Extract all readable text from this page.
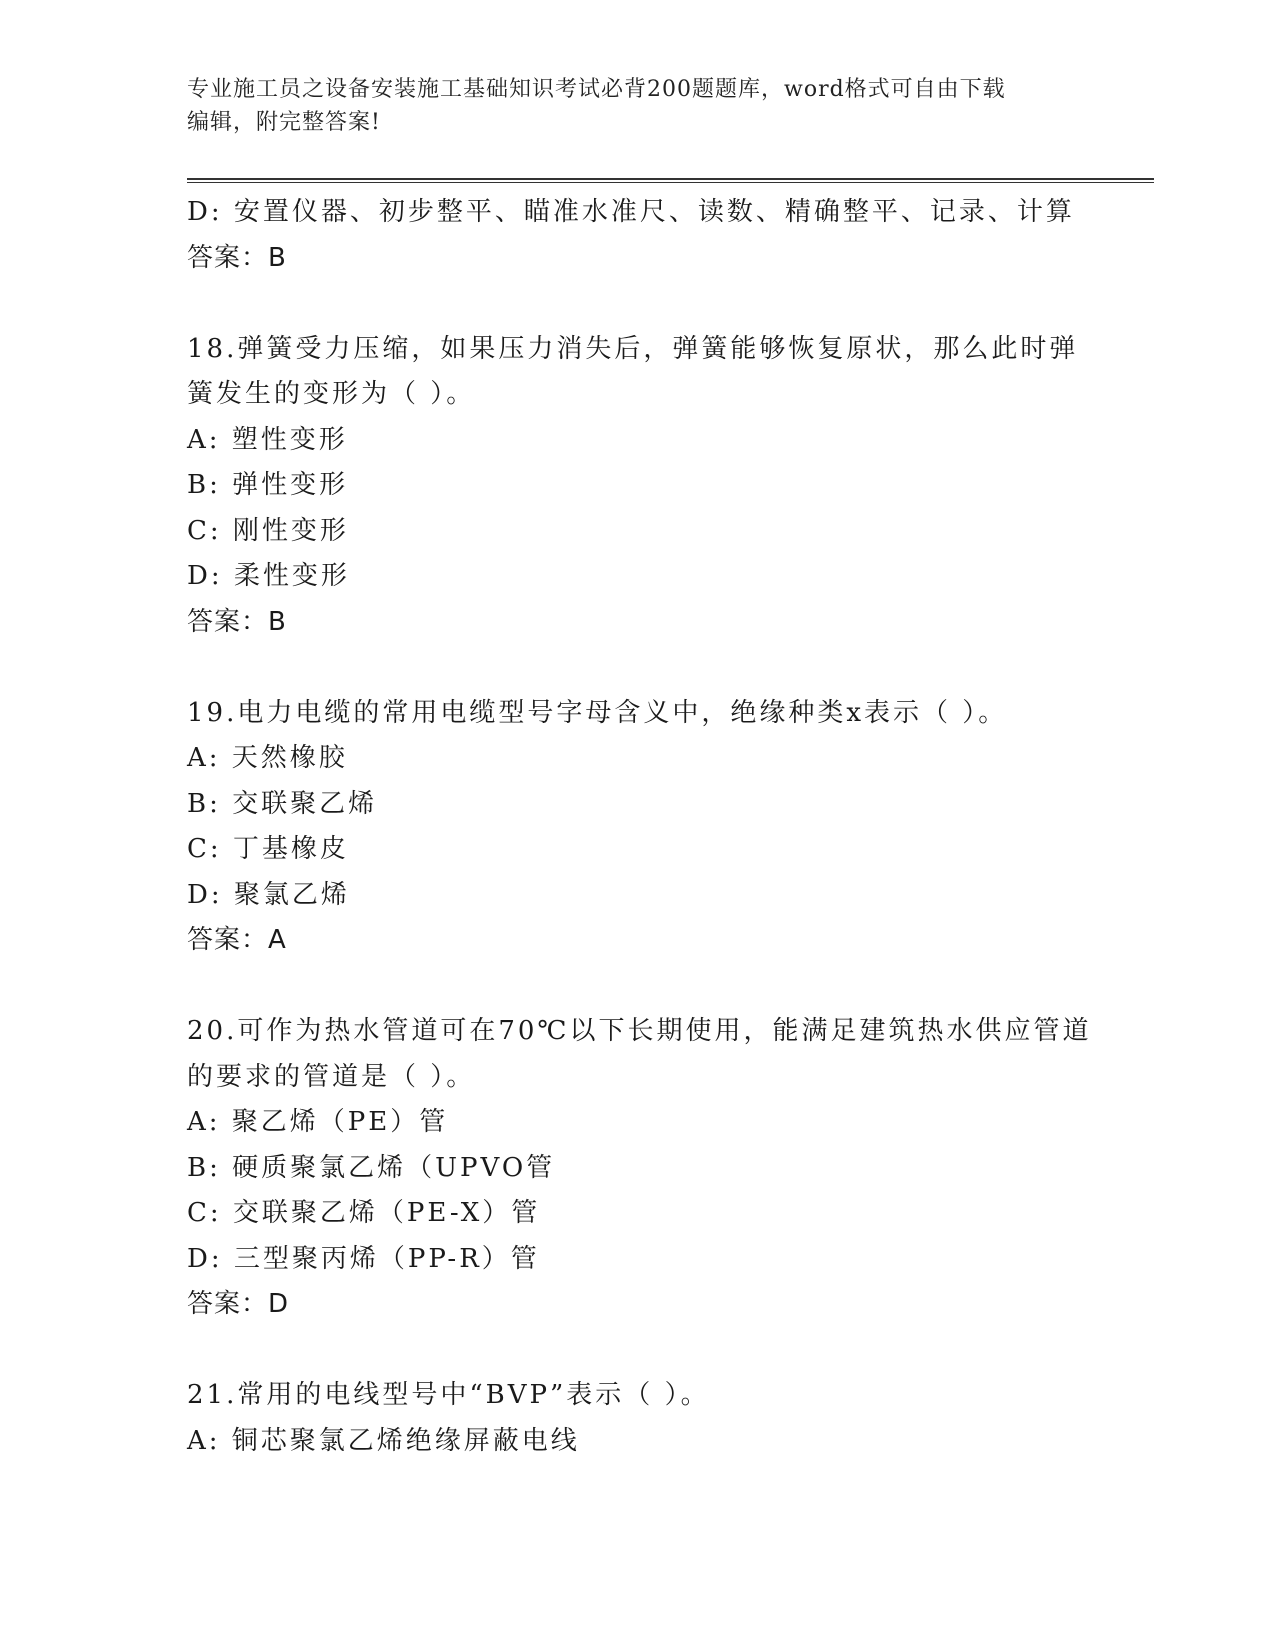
专业施工员之设备安装施工基础知识考试必背200题题库，word格式可自由下载
编辑，附完整答案!
D: 安置仪器、初步整平、瞄准水准尺、读数、精确整平、记录、计算
答案：B
18.弹簧受力压缩，如果压力消失后，弹簧能够恢复原状，那么此时弹
簧发生的变形为（ ）。
A: 塑性变形
B: 弹性变形
C: 刚性变形
D: 柔性变形
答案：B
19.电力电缆的常用电缆型号字母含义中，绝缘种类x表示（ ）。
A: 天然橡胶
B: 交联聚乙烯
C: 丁基橡皮
D: 聚氯乙烯
答案：A
20.可作为热水管道可在70℃以下长期使用，能满足建筑热水供应管道
的要求的管道是（ ）。
A: 聚乙烯（PE）管
B: 硬质聚氯乙烯（UPVO管
C: 交联聚乙烯（PE-X）管
D: 三型聚丙烯（PP-R）管
答案：D
21.常用的电线型号中“BVP”表示（ ）。
A: 铜芯聚氯乙烯绝缘屏蔽电线
